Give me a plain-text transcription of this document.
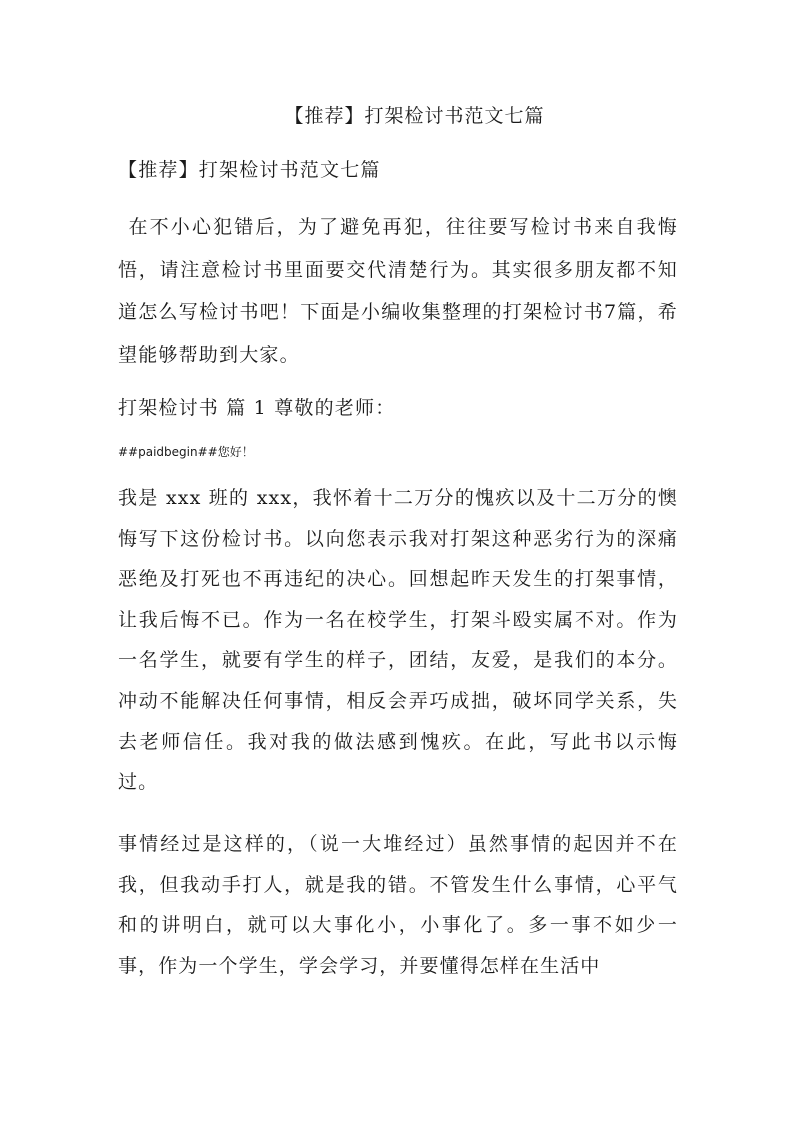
【推荐】打架检讨书范文七篇

【推荐】打架检讨书范文七篇

在不小心犯错后，为了避免再犯，往往要写检讨书来自我悔悟，请注意检讨书里面要交代清楚行为。其实很多朋友都不知道怎么写检讨书吧！下面是小编收集整理的打架检讨书7篇，希望能够帮助到大家。

打架检讨书 篇 1 尊敬的老师：

##paidbegin##您好！

我是 xxx 班的 xxx，我怀着十二万分的愧疚以及十二万分的懊悔写下这份检讨书。以向您表示我对打架这种恶劣行为的深痛恶绝及打死也不再违纪的决心。回想起昨天发生的打架事情，让我后悔不已。作为一名在校学生，打架斗殴实属不对。作为一名学生，就要有学生的样子，团结，友爱，是我们的本分。冲动不能解决任何事情，相反会弄巧成拙，破坏同学关系，失去老师信任。我对我的做法感到愧疚。在此，写此书以示悔过。

事情经过是这样的，（说一大堆经过）虽然事情的起因并不在我，但我动手打人，就是我的错。不管发生什么事情，心平气和的讲明白，就可以大事化小，小事化了。多一事不如少一事，作为一个学生，学会学习，并要懂得怎样在生活中
